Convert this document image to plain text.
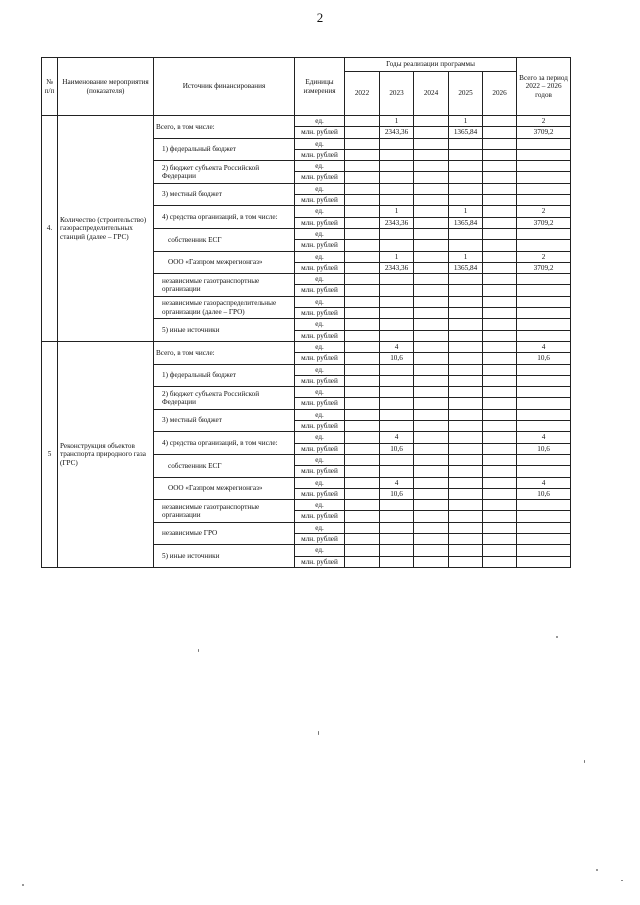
2
№ п/п	Наименование мероприятия (показателя)	Источник финансирования	Единицы измерения	Годы реализации программы					Всего за период 2022 – 2026 годов
				2022	2023	2024	2025	2026	
4.	Количество (строительство) газораспределительных станций (далее – ГРС)	Всего, в том числе:	ед.		1		1		2
			млн. рублей		2343,36		1365,84		3709,2
		1) федеральный бюджет	ед.						
			млн. рублей						
		2) бюджет субъекта Российской Федерации	ед.						
			млн. рублей						
		3) местный бюджет	ед.						
			млн. рублей						
		4) средства организаций, в том числе:	ед.		1		1		2
			млн. рублей		2343,36		1365,84		3709,2
		собственник ЕСГ	ед.						
			млн. рублей						
		ООО «Газпром межрегионгаз»	ед.		1		1		2
			млн. рублей		2343,36		1365,84		3709,2
		независимые газотранспортные организации	ед.						
			млн. рублей						
		независимые газораспределительные организации (далее – ГРО)	ед.						
			млн. рублей						
		5) иные источники	ед.						
			млн. рублей						
5	Реконструкция объектов транспорта природного газа (ГРС)	Всего, в том числе:	ед.		4				4
			млн. рублей		10,6				10,6
		1) федеральный бюджет	ед.						
			млн. рублей						
		2) бюджет субъекта Российской Федерации	ед.						
			млн. рублей						
		3) местный бюджет	ед.						
			млн. рублей						
		4) средства организаций, в том числе:	ед.		4				4
			млн. рублей		10,6				10,6
		собственник ЕСГ	ед.						
			млн. рублей						
		ООО «Газпром межрегионгаз»	ед.		4				4
			млн. рублей		10,6				10,6
		независимые газотранспортные организации	ед.						
			млн. рублей						
		независимые ГРО	ед.						
			млн. рублей						
		5) иные источники	ед.						
			млн. рублей						
